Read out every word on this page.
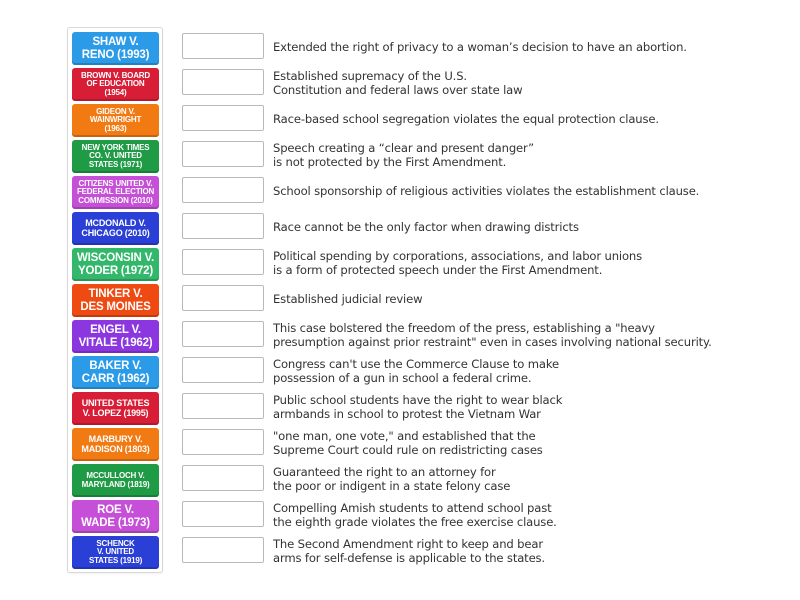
SHAW V.
RENO (1993)
BROWN V. BOARD
OF EDUCATION
(1954)
GIDEON V.
WAINWRIGHT
(1963)
NEW YORK TIMES
CO. V. UNITED
STATES (1971)
CITIZENS UNITED V.
FEDERAL ELECTION
COMMISSION (2010)
MCDONALD V.
CHICAGO (2010)
WISCONSIN V.
YODER (1972)
TINKER V.
DES MOINES
ENGEL V.
VITALE (1962)
BAKER V.
CARR (1962)
UNITED STATES
V. LOPEZ (1995)
MARBURY V.
MADISON (1803)
MCCULLOCH V.
MARYLAND (1819)
ROE V.
WADE (1973)
SCHENCK
V. UNITED
STATES (1919)
Extended the right of privacy to a woman’s decision to have an abortion.
Established supremacy of the U.S.
Constitution and federal laws over state law
Race-based school segregation violates the equal protection clause.
Speech creating a “clear and present danger”
is not protected by the First Amendment.
School sponsorship of religious activities violates the establishment clause.
Race cannot be the only factor when drawing districts
Political spending by corporations, associations, and labor unions
is a form of protected speech under the First Amendment.
Established judicial review
This case bolstered the freedom of the press, establishing a "heavy
presumption against prior restraint" even in cases involving national security.
Congress can't use the Commerce Clause to make
possession of a gun in school a federal crime.
Public school students have the right to wear black
armbands in school to protest the Vietnam War
"one man, one vote," and established that the
Supreme Court could rule on redistricting cases
Guaranteed the right to an attorney for
the poor or indigent in a state felony case
Compelling Amish students to attend school past
the eighth grade violates the free exercise clause.
The Second Amendment right to keep and bear
arms for self-defense is applicable to the states.
